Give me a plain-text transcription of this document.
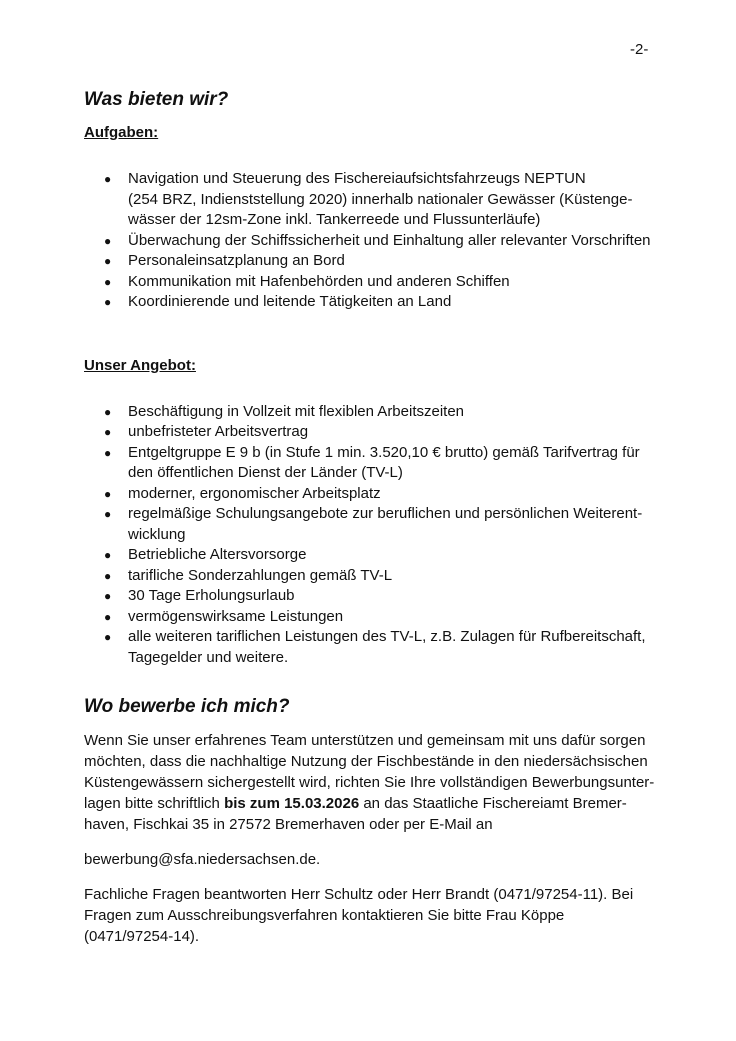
-2-
Was bieten wir?
Aufgaben:
● Navigation und Steuerung des Fischereiaufsichtsfahrzeugs NEPTUN
(254 BRZ, Indienststellung 2020) innerhalb nationaler Gewässer (Küstenge-
wässer der 12sm-Zone inkl. Tankerreede und Flussunterläufe)
● Überwachung der Schiffssicherheit und Einhaltung aller relevanter Vorschriften
● Personaleinsatzplanung an Bord
● Kommunikation mit Hafenbehörden und anderen Schiffen
● Koordinierende und leitende Tätigkeiten an Land
Unser Angebot:
● Beschäftigung in Vollzeit mit flexiblen Arbeitszeiten
● unbefristeter Arbeitsvertrag
● Entgeltgruppe E 9 b (in Stufe 1 min. 3.520,10 € brutto) gemäß Tarifvertrag für
den öffentlichen Dienst der Länder (TV-L)
● moderner, ergonomischer Arbeitsplatz
● regelmäßige Schulungsangebote zur beruflichen und persönlichen Weiterent-
wicklung
● Betriebliche Altersvorsorge
● tarifliche Sonderzahlungen gemäß TV-L
● 30 Tage Erholungsurlaub
● vermögenswirksame Leistungen
● alle weiteren tariflichen Leistungen des TV-L, z.B. Zulagen für Rufbereitschaft,
Tagegelder und weitere.
Wo bewerbe ich mich?

Wenn Sie unser erfahrenes Team unterstützen und gemeinsam mit uns dafür sorgen
möchten, dass die nachhaltige Nutzung der Fischbestände in den niedersächsischen
Küstengewässern sichergestellt wird, richten Sie Ihre vollständigen Bewerbungsunter-
lagen bitte schriftlich bis zum 15.03.2026 an das Staatliche Fischereiamt Bremer-
haven, Fischkai 35 in 27572 Bremerhaven oder per E-Mail an

bewerbung@sfa.niedersachsen.de.

Fachliche Fragen beantworten Herr Schultz oder Herr Brandt (0471/97254-11). Bei
Fragen zum Ausschreibungsverfahren kontaktieren Sie bitte Frau Köppe
(0471/97254-14).
